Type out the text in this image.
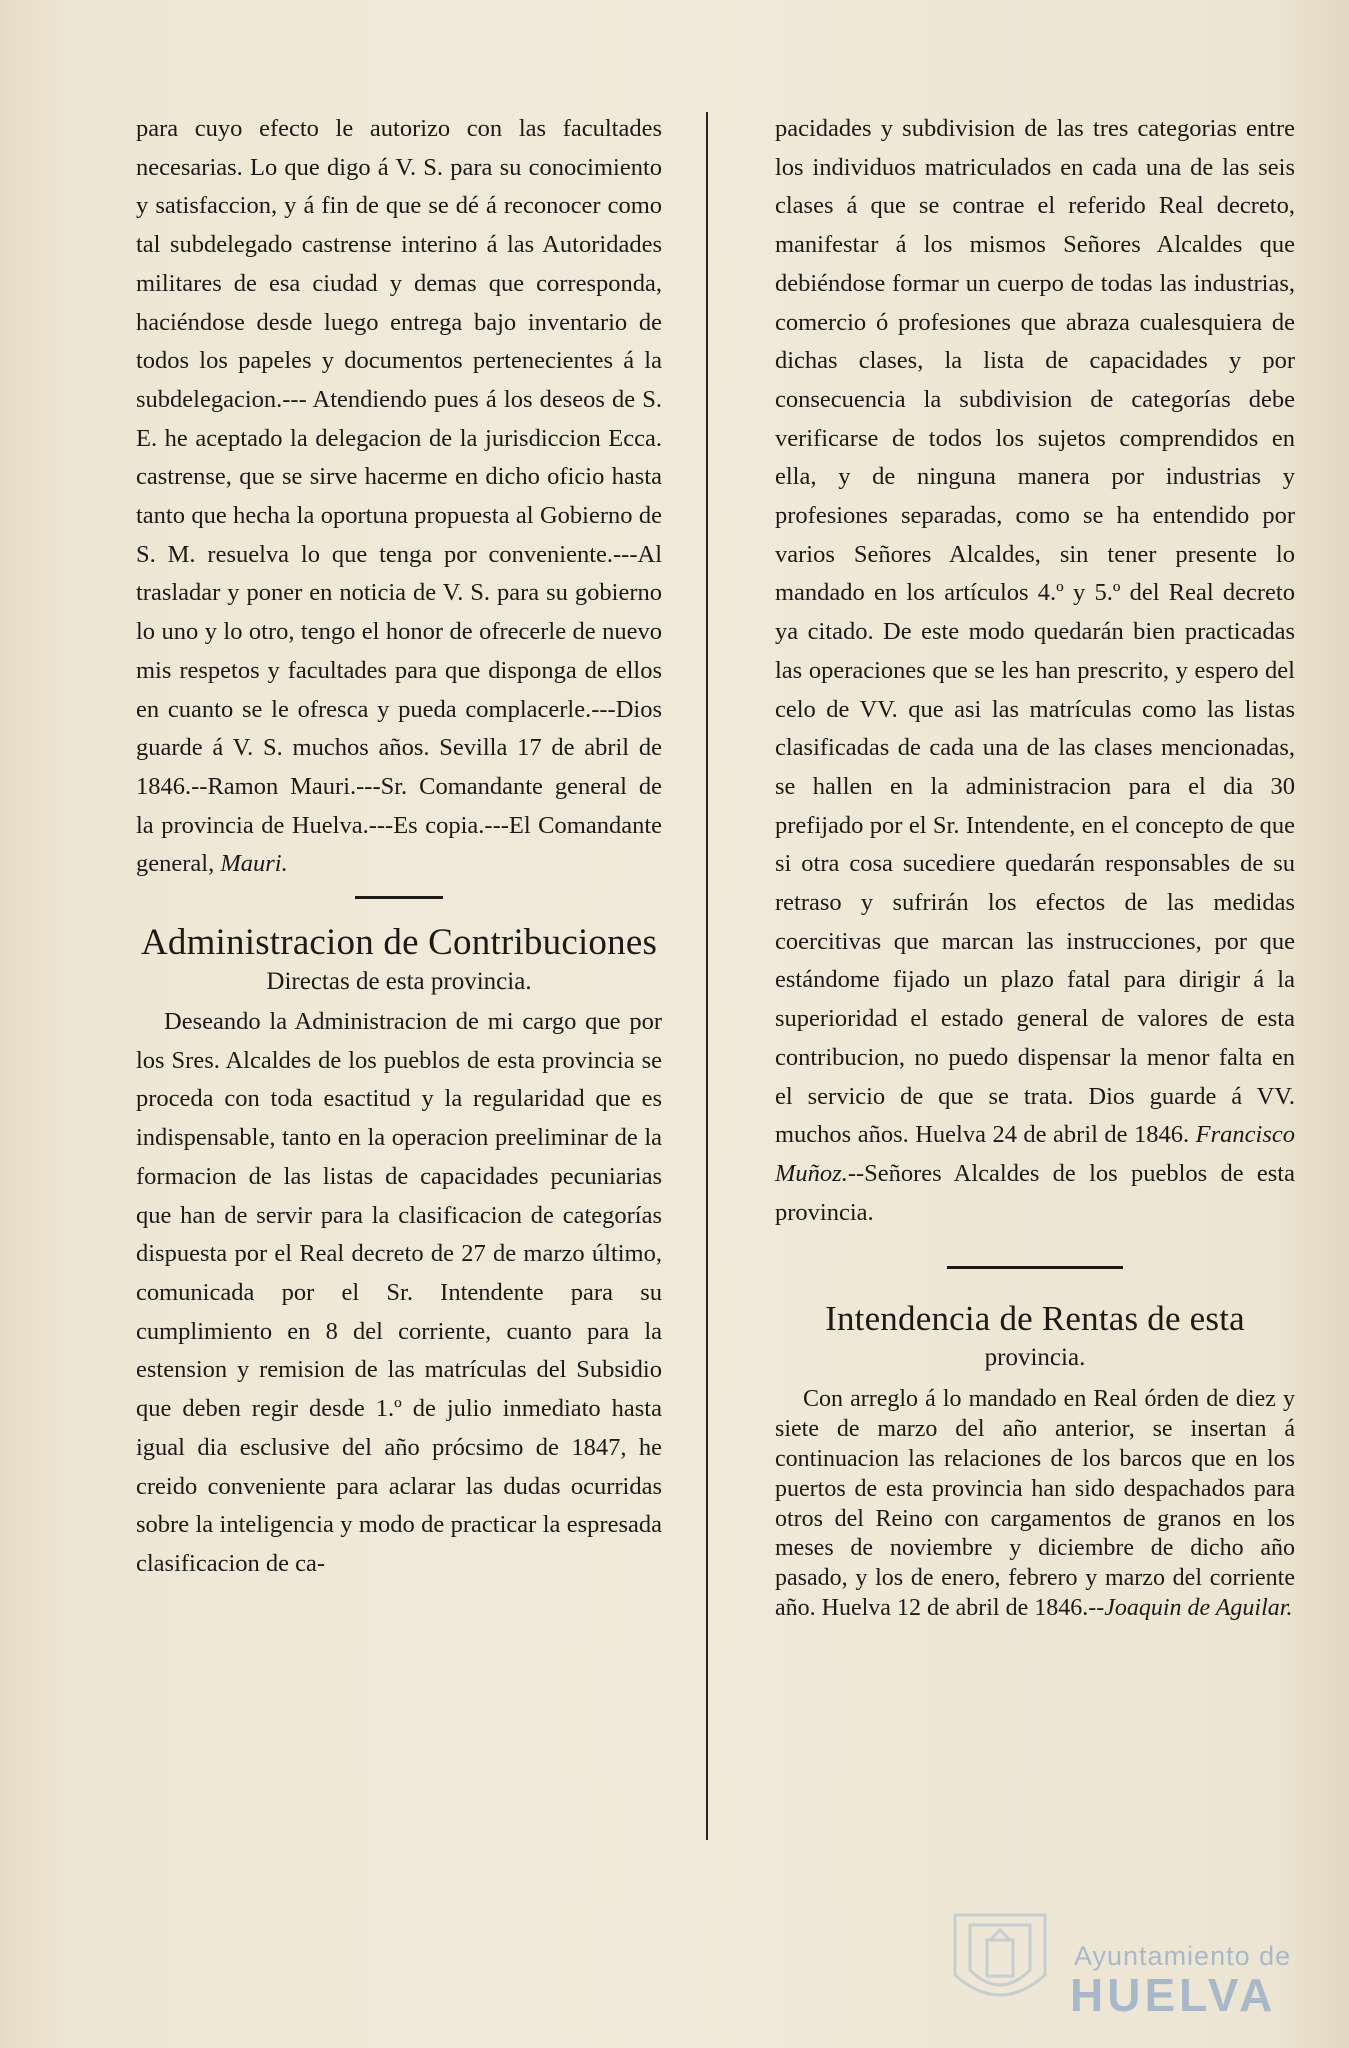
para cuyo efecto le autorizo con las facultades necesarias. Lo que digo á V. S. para su conocimiento y satisfaccion, y á fin de que se dé á reconocer como tal subdelegado castrense interino á las Autoridades militares de esa ciudad y demas que corresponda, haciéndose desde luego entrega bajo inventario de todos los papeles y documentos pertenecientes á la subdelegacion.--- Atendiendo pues á los deseos de S. E. he aceptado la delegacion de la jurisdiccion Ecca. castrense, que se sirve hacerme en dicho oficio hasta tanto que hecha la oportuna propuesta al Gobierno de S. M. resuelva lo que tenga por conveniente.---Al trasladar y poner en noticia de V. S. para su gobierno lo uno y lo otro, tengo el honor de ofrecerle de nuevo mis respetos y facultades para que disponga de ellos en cuanto se le ofresca y pueda complacerle.---Dios guarde á V. S. muchos años. Sevilla 17 de abril de 1846.--Ramon Mauri.---Sr. Comandante general de la provincia de Huelva.---Es copia.---El Comandante general, Mauri.

Administracion de Contribuciones

Directas de esta provincia.

Deseando la Administracion de mi cargo que por los Sres. Alcaldes de los pueblos de esta provincia se proceda con toda esactitud y la regularidad que es indispensable, tanto en la operacion preeliminar de la formacion de las listas de capacidades pecuniarias que han de servir para la clasificacion de categorías dispuesta por el Real decreto de 27 de marzo último, comunicada por el Sr. Intendente para su cumplimiento en 8 del corriente, cuanto para la estension y remision de las matrículas del Subsidio que deben regir desde 1.º de julio inmediato hasta igual dia esclusive del año prócsimo de 1847, he creido conveniente para aclarar las dudas ocurridas sobre la inteligencia y modo de practicar la espresada clasificacion de ca-

pacidades y subdivision de las tres categorias entre los individuos matriculados en cada una de las seis clases á que se contrae el referido Real decreto, manifestar á los mismos Señores Alcaldes que debiéndose formar un cuerpo de todas las industrias, comercio ó profesiones que abraza cualesquiera de dichas clases, la lista de capacidades y por consecuencia la subdivision de categorías debe verificarse de todos los sujetos comprendidos en ella, y de ninguna manera por industrias y profesiones separadas, como se ha entendido por varios Señores Alcaldes, sin tener presente lo mandado en los artículos 4.º y 5.º del Real decreto ya citado. De este modo quedarán bien practicadas las operaciones que se les han prescrito, y espero del celo de VV. que asi las matrículas como las listas clasificadas de cada una de las clases mencionadas, se hallen en la administracion para el dia 30 prefijado por el Sr. Intendente, en el concepto de que si otra cosa sucediere quedarán responsables de su retraso y sufrirán los efectos de las medidas coercitivas que marcan las instrucciones, por que estándome fijado un plazo fatal para dirigir á la superioridad el estado general de valores de esta contribucion, no puedo dispensar la menor falta en el servicio de que se trata. Dios guarde á VV. muchos años. Huelva 24 de abril de 1846. Francisco Muñoz.--Señores Alcaldes de los pueblos de esta provincia.

Intendencia de Rentas de esta

provincia.

Con arreglo á lo mandado en Real órden de diez y siete de marzo del año anterior, se insertan á continuacion las relaciones de los barcos que en los puertos de esta provincia han sido despachados para otros del Reino con cargamentos de granos en los meses de noviembre y diciembre de dicho año pasado, y los de enero, febrero y marzo del corriente año. Huelva 12 de abril de 1846.--Joaquin de Aguilar.

Ayuntamiento de
HUELVA
